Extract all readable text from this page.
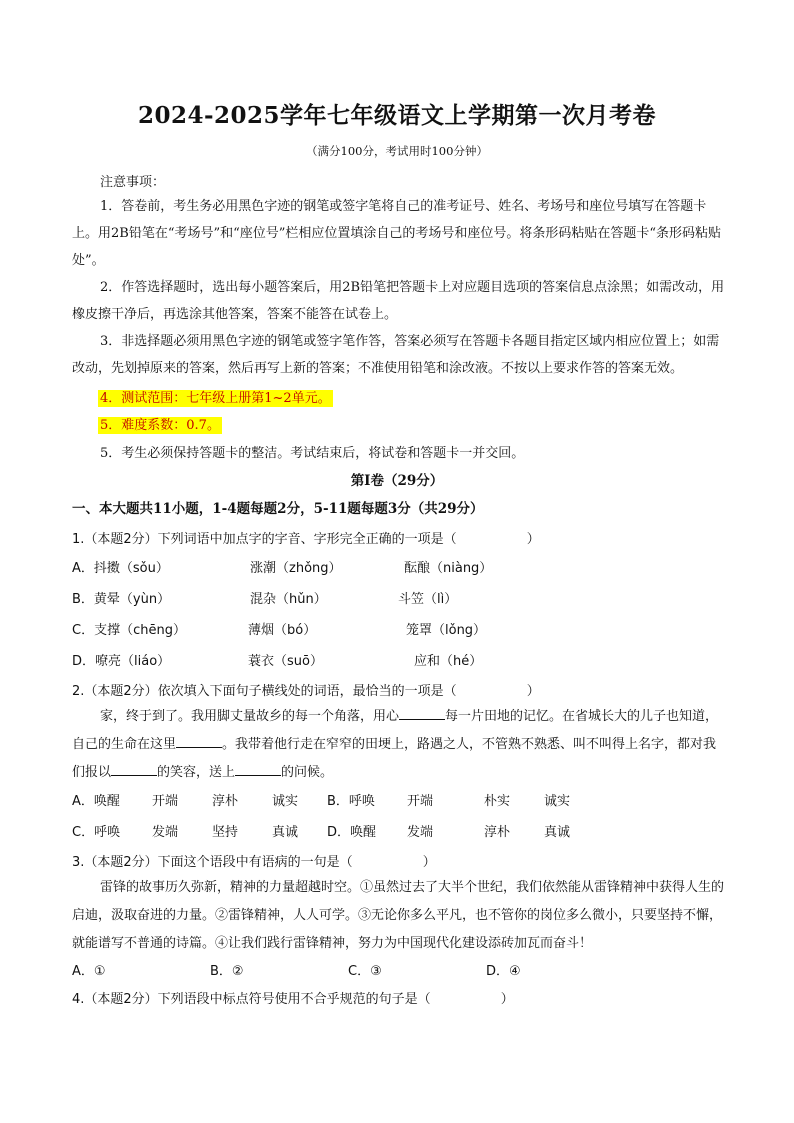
2024-2025学年七年级语文上学期第一次月考卷
（满分100分，考试用时100分钟）
注意事项：
1．答卷前，考生务必用黑色字迹的钢笔或签字笔将自己的准考证号、姓名、考场号和座位号填写在答题卡上。用2B铅笔在“考场号”和“座位号”栏相应位置填涂自己的考场号和座位号。将条形码粘贴在答题卡“条形码粘贴处”。
2．作答选择题时，选出每小题答案后，用2B铅笔把答题卡上对应题目选项的答案信息点涂黑；如需改动，用橡皮擦干净后，再选涂其他答案，答案不能答在试卷上。
3．非选择题必须用黑色字迹的钢笔或签字笔作答，答案必须写在答题卡各题目指定区域内相应位置上；如需改动，先划掉原来的答案，然后再写上新的答案；不准使用铅笔和涂改液。不按以上要求作答的答案无效。
4．测试范围：七年级上册第1~2单元。
5．难度系数：0.7。
5．考生必须保持答题卡的整洁。考试结束后，将试卷和答题卡一并交回。
第Ⅰ卷（29分）
一、本大题共11小题，1-4题每题2分，5-11题每题3分（共29分）
1.（本题2分）下列词语中加点字的字音、字形完全正确的一项是（	）
A．抖擞（sǒu）	涨潮（zhǒng）	酝酿（niàng）
B．黄晕（yùn）	混杂（hǔn）	斗笠（lì）
C．支撑（chēng）	薄烟（bó）	笼罩（lǒng）
D．嘹亮（liáo）	蓑衣（suō）	应和（hé）
2.（本题2分）依次填入下面句子横线处的词语，最恰当的一项是（	）
家，终于到了。我用脚丈量故乡的每一个角落，用心	每一片田地的记忆。在省城长大的儿子也知道，自己的生命在这里	。我带着他行走在窄窄的田埂上，路遇之人，不管熟不熟悉、叫不叫得上名字，都对我们报以	的笑容，送上	的问候。
A．唤醒 开端	淳朴	诚实 B．呼唤 开端	朴实	诚实
C．呼唤 发端	坚持	真诚 D．唤醒 发端	淳朴	真诚
3.（本题2分）下面这个语段中有语病的一句是（	）
雷锋的故事历久弥新，精神的力量超越时空。①虽然过去了大半个世纪，我们依然能从雷锋精神中获得人生的启迪，汲取奋进的力量。②雷锋精神，人人可学。③无论你多么平凡，也不管你的岗位多么微小，只要坚持不懈，就能谱写不普通的诗篇。④让我们践行雷锋精神，努力为中国现代化建设添砖加瓦而奋斗！
A．①	B．②	C．③	D．④
4.（本题2分）下列语段中标点符号使用不合乎规范的句子是（	）
